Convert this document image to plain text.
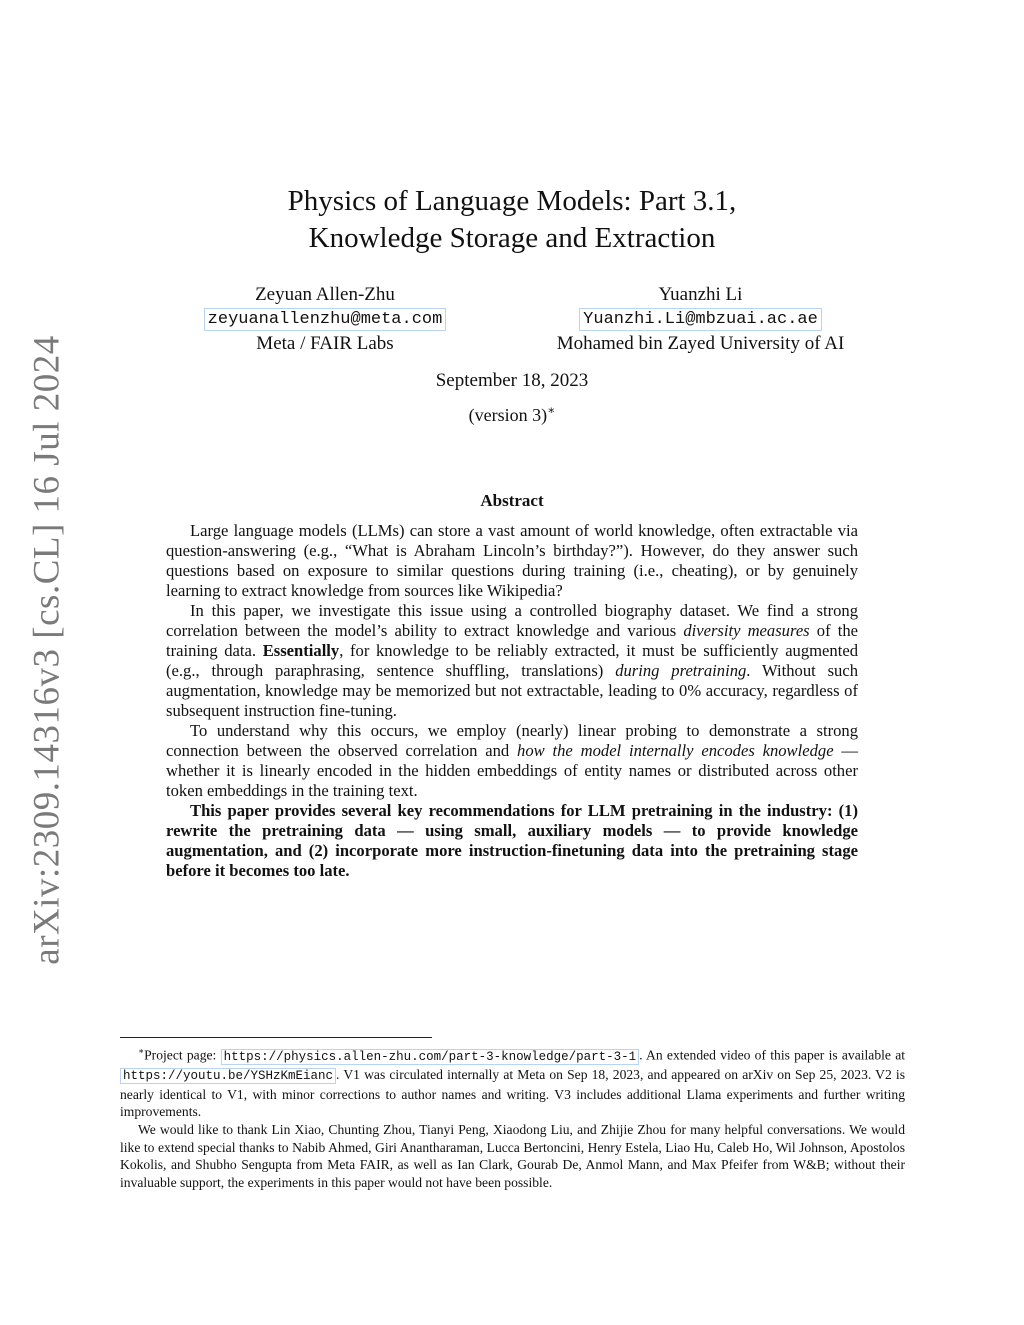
arXiv:2309.14316v3 [cs.CL] 16 Jul 2024
Physics of Language Models: Part 3.1,
Knowledge Storage and Extraction
Zeyuan Allen-Zhu
zeyuanallenzhu@meta.com
Meta / FAIR Labs
Yuanzhi Li
Yuanzhi.Li@mbzuai.ac.ae
Mohamed bin Zayed University of AI
September 18, 2023
(version 3)∗
Abstract

Large language models (LLMs) can store a vast amount of world knowledge, often extractable via question-answering (e.g., “What is Abraham Lincoln’s birthday?”). However, do they answer such questions based on exposure to similar questions during training (i.e., cheating), or by genuinely learning to extract knowledge from sources like Wikipedia?

In this paper, we investigate this issue using a controlled biography dataset. We find a strong correlation between the model’s ability to extract knowledge and various diversity measures of the training data. Essentially, for knowledge to be reliably extracted, it must be sufficiently augmented (e.g., through paraphrasing, sentence shuffling, translations) during pretraining. Without such augmentation, knowledge may be memorized but not extractable, leading to 0% accuracy, regardless of subsequent instruction fine-tuning.

To understand why this occurs, we employ (nearly) linear probing to demonstrate a strong connection between the observed correlation and how the model internally encodes knowledge — whether it is linearly encoded in the hidden embeddings of entity names or distributed across other token embeddings in the training text.

This paper provides several key recommendations for LLM pretraining in the industry: (1) rewrite the pretraining data — using small, auxiliary models — to provide knowledge augmentation, and (2) incorporate more instruction-finetuning data into the pretraining stage before it becomes too late.

∗Project page: https://physics.allen-zhu.com/part-3-knowledge/part-3-1 . An extended video of this paper is available at https://youtu.be/YSHzKmEianc . V1 was circulated internally at Meta on Sep 18, 2023, and appeared on arXiv on Sep 25, 2023. V2 is nearly identical to V1, with minor corrections to author names and writing. V3 includes additional Llama experiments and further writing improvements.

We would like to thank Lin Xiao, Chunting Zhou, Tianyi Peng, Xiaodong Liu, and Zhijie Zhou for many helpful conversations. We would like to extend special thanks to Nabib Ahmed, Giri Anantharaman, Lucca Bertoncini, Henry Estela, Liao Hu, Caleb Ho, Wil Johnson, Apostolos Kokolis, and Shubho Sengupta from Meta FAIR, as well as Ian Clark, Gourab De, Anmol Mann, and Max Pfeifer from W&B; without their invaluable support, the experiments in this paper would not have been possible.
